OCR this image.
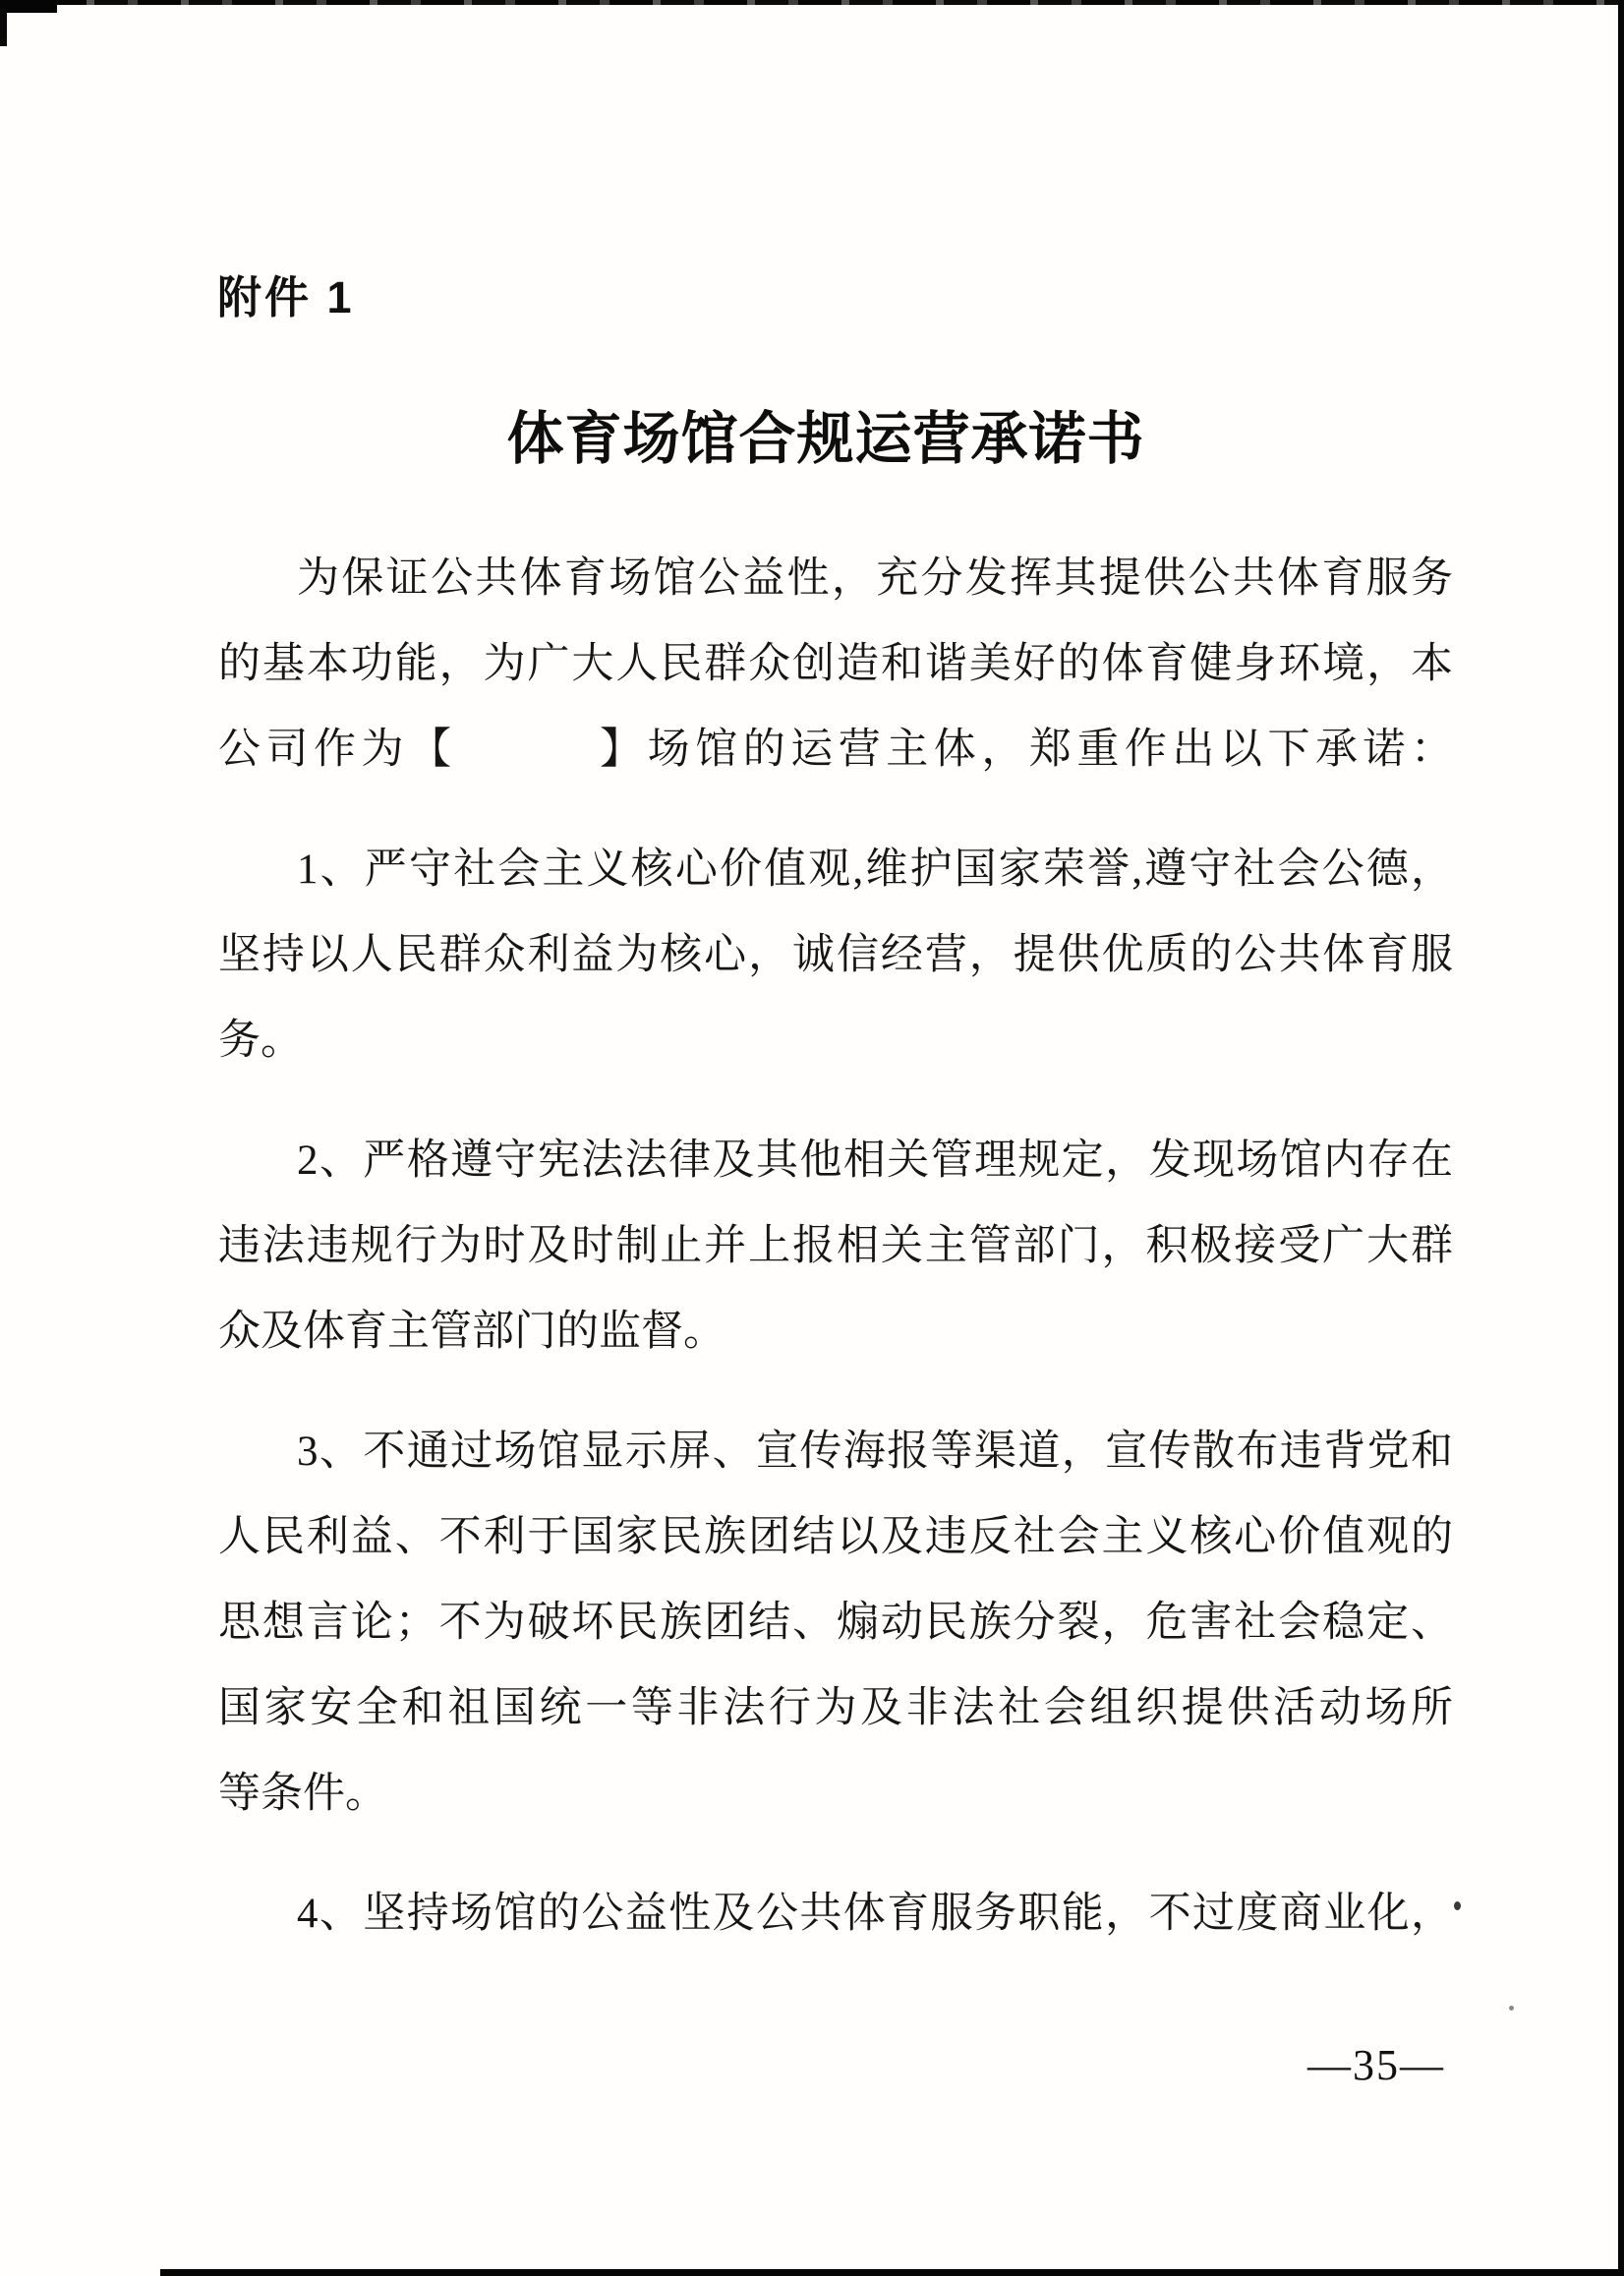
附件 1
体育场馆合规运营承诺书
为保证公共体育场馆公益性，充分发挥其提供公共体育服务
的基本功能，为广大人民群众创造和谐美好的体育健身环境，本
公司作为【　　　】场馆的运营主体，郑重作出以下承诺：
1、严守社会主义核心价值观,维护国家荣誉,遵守社会公德，
坚持以人民群众利益为核心，诚信经营，提供优质的公共体育服
务。
2、严格遵守宪法法律及其他相关管理规定，发现场馆内存在
违法违规行为时及时制止并上报相关主管部门，积极接受广大群
众及体育主管部门的监督。
3、不通过场馆显示屏、宣传海报等渠道，宣传散布违背党和
人民利益、不利于国家民族团结以及违反社会主义核心价值观的
思想言论；不为破坏民族团结、煽动民族分裂，危害社会稳定、
国家安全和祖国统一等非法行为及非法社会组织提供活动场所
等条件。
4、坚持场馆的公益性及公共体育服务职能，不过度商业化，
—35—
